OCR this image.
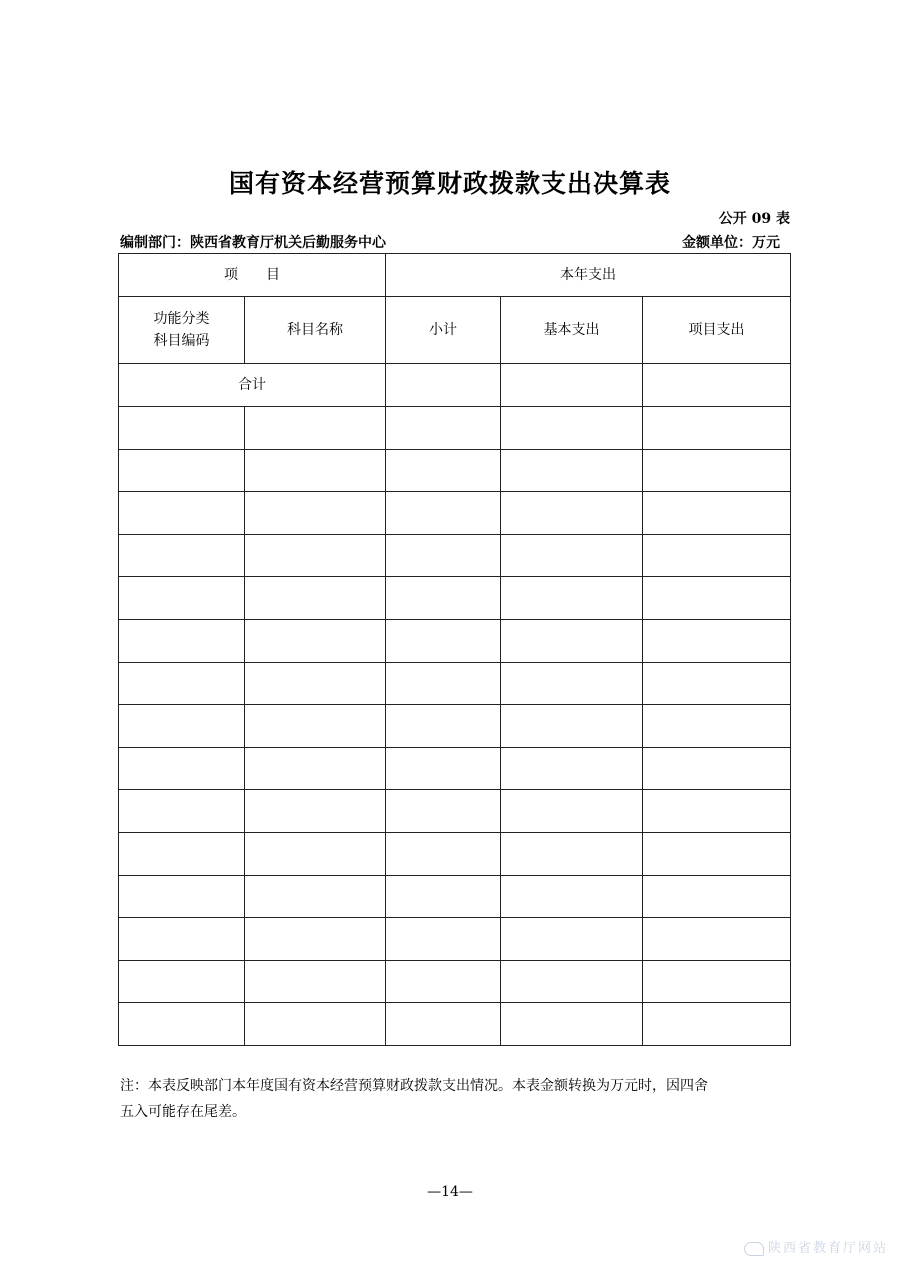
国有资本经营预算财政拨款支出决算表
公开 09 表
编制部门：陕西省教育厅机关后勤服务中心	金额单位：万元
项　　目		本年支出		

功能分类
科目编码	科目名称	小计	基本支出	项目支出
合计				

注：本表反映部门本年度国有资本经营预算财政拨款支出情况。本表金额转换为万元时，因四舍
五入可能存在尾差。
—14—
陕西省教育厅网站
